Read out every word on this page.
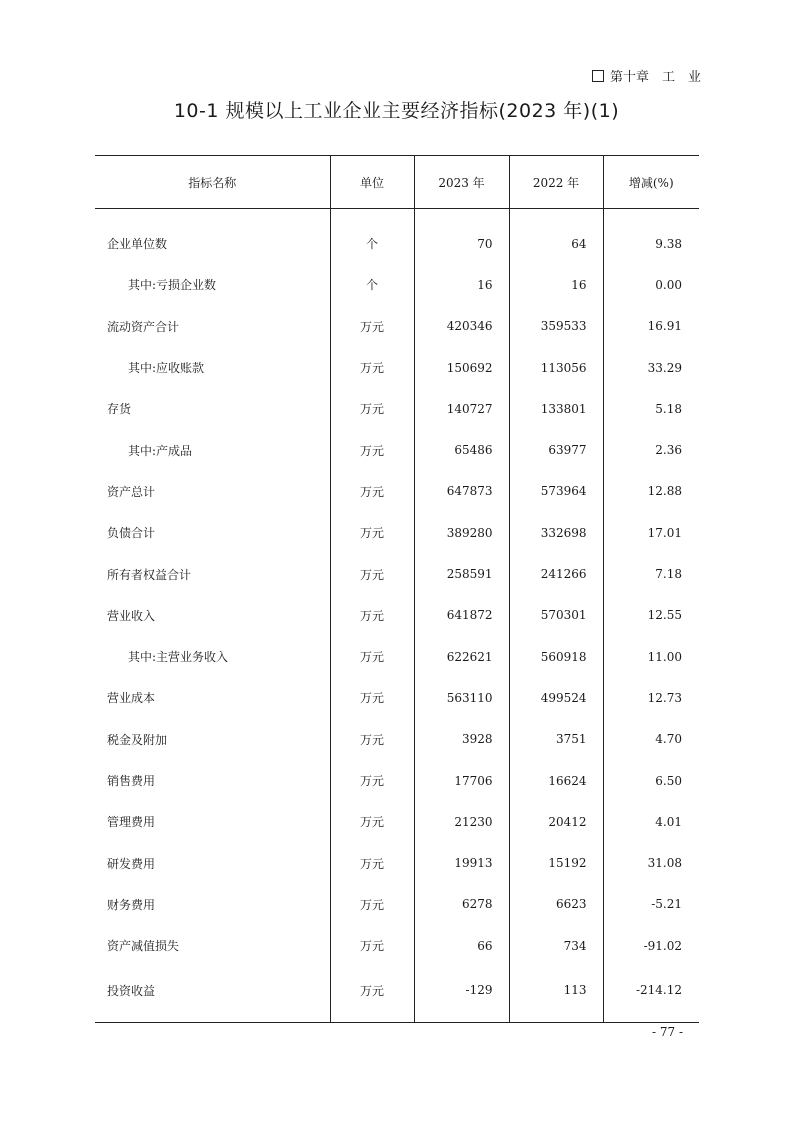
第十章　工　业
10-1 规模以上工业企业主要经济指标(2023 年)(1)
指标名称	单位	2023 年	2022 年	增减(%)
企业单位数	个	70	64	9.38
其中:亏损企业数	个	16	16	0.00
流动资产合计	万元	420346	359533	16.91
其中:应收账款	万元	150692	113056	33.29
存货	万元	140727	133801	5.18
其中:产成品	万元	65486	63977	2.36
资产总计	万元	647873	573964	12.88
负债合计	万元	389280	332698	17.01
所有者权益合计	万元	258591	241266	7.18
营业收入	万元	641872	570301	12.55
其中:主营业务收入	万元	622621	560918	11.00
营业成本	万元	563110	499524	12.73
税金及附加	万元	3928	3751	4.70
销售费用	万元	17706	16624	6.50
管理费用	万元	21230	20412	4.01
研发费用	万元	19913	15192	31.08
财务费用	万元	6278	6623	-5.21
资产减值损失	万元	66	734	-91.02
投资收益	万元	-129	113	-214.12
- 77 -
